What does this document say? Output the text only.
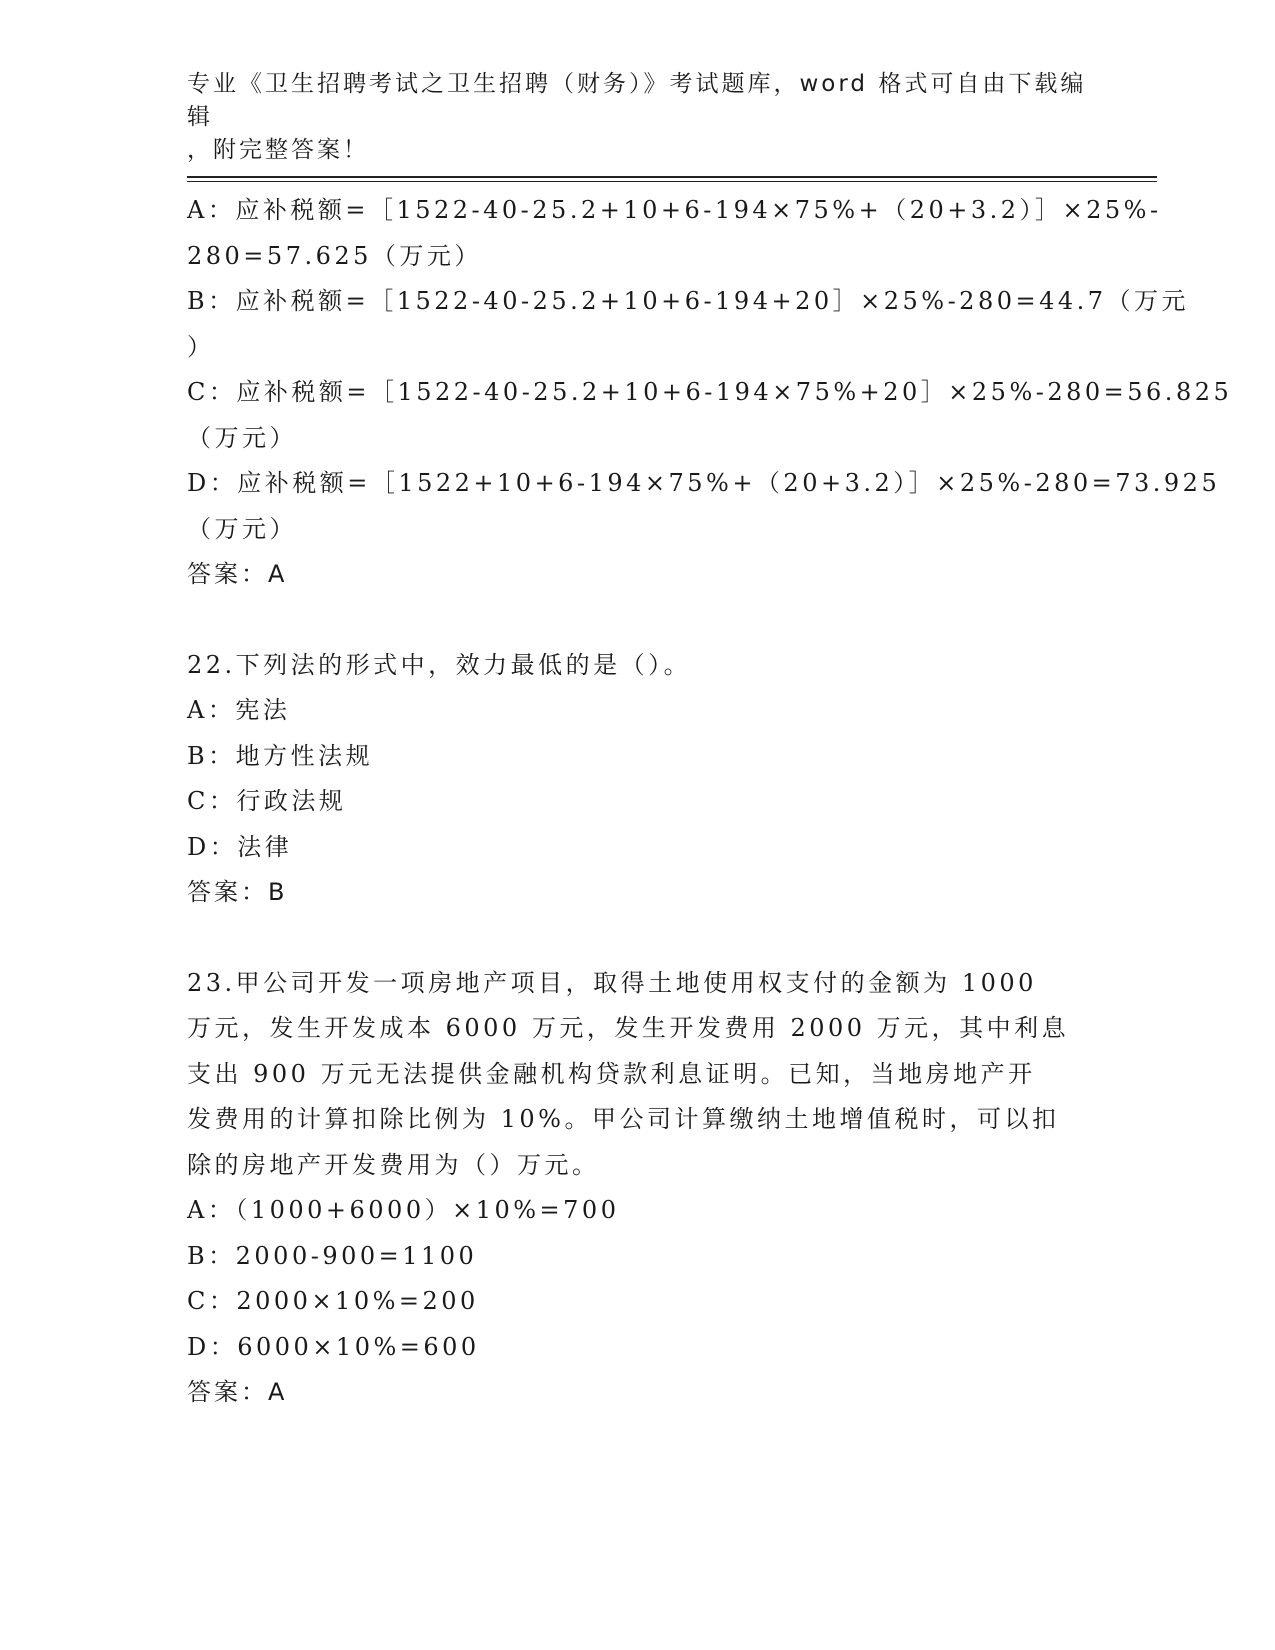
专业《卫生招聘考试之卫生招聘（财务）》考试题库，word 格式可自由下载编辑

，附完整答案！

A：应补税额=［1522-40-25.2+10+6-194×75%+（20+3.2）］×25%-

280=57.625（万元）

B：应补税额=［1522-40-25.2+10+6-194+20］×25%-280=44.7（万元

）

C：应补税额=［1522-40-25.2+10+6-194×75%+20］×25%-280=56.825

（万元）

D：应补税额=［1522+10+6-194×75%+（20+3.2）］×25%-280=73.925

（万元）

答案：A

22.下列法的形式中，效力最低的是（）。

A：宪法

B：地方性法规

C：行政法规

D：法律

答案：B

23.甲公司开发一项房地产项目，取得土地使用权支付的金额为 1000

万元，发生开发成本 6000 万元，发生开发费用 2000 万元，其中利息

支出 900 万元无法提供金融机构贷款利息证明。已知，当地房地产开

发费用的计算扣除比例为 10%。甲公司计算缴纳土地增值税时，可以扣

除的房地产开发费用为（）万元。

A：（1000+6000）×10%=700

B：2000-900=1100

C：2000×10%=200

D：6000×10%=600

答案：A
